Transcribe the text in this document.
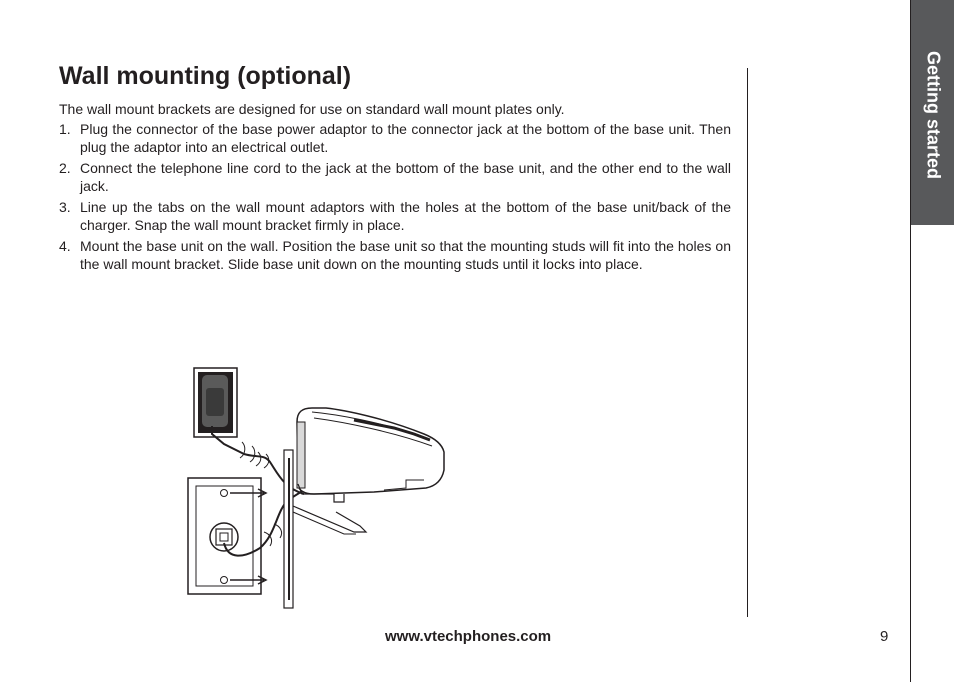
Wall mounting (optional)

The wall mount brackets are designed for use on standard wall mount plates only.

1. Plug the connector of the base power adaptor to the connector jack at the bottom of the base unit. Then plug the adaptor into an electrical outlet.
2. Connect the telephone line cord to the jack at the bottom of the base unit, and the other end to the wall jack.
3. Line up the tabs on the wall mount adaptors with the holes at the bottom of the base unit/back of the charger. Snap the wall mount bracket firmly in place.
4. Mount the base unit on the wall. Position the base unit so that the mounting studs will fit into the holes on the wall mount bracket. Slide base unit down on the mounting studs until it locks into place.
Getting started
www.vtechphones.com	9
